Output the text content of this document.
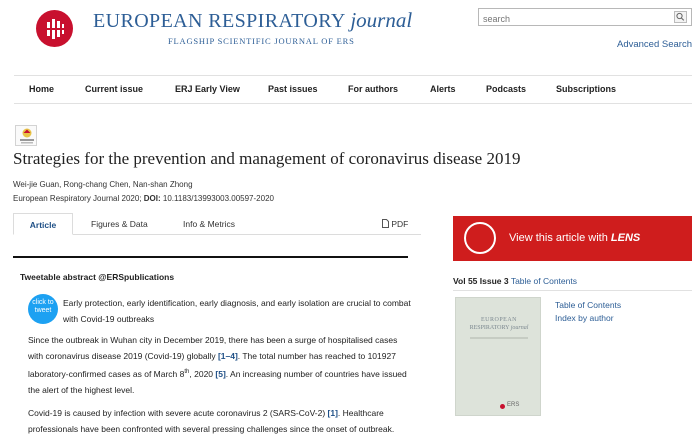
EUROPEAN RESPIRATORY journal
FLAGSHIP SCIENTIFIC JOURNAL OF ERS
search	Advanced Search
Home	Current issue	ERJ Early View	Past issues	For authors	Alerts	Podcasts	Subscriptions
Strategies for the prevention and management of coronavirus disease 2019
Wei-jie Guan, Rong-chang Chen, Nan-shan Zhong
European Respiratory Journal 2020; DOI: 10.1183/13993003.00597-2020
Article	Figures & Data	Info & Metrics	PDF
Tweetable abstract @ERSpublications
click to tweet
Early protection, early identification, early diagnosis, and early isolation are crucial to combat with Covid-19 outbreaks
Since the outbreak in Wuhan city in December 2019, there has been a surge of hospitalised cases with coronavirus disease 2019 (Covid-19) globally [1–4]. The total number has reached to 101927 laboratory-confirmed cases as of March 8th, 2020 [5]. An increasing number of countries have issued the alert of the highest level.
Covid-19 is caused by infection with severe acute coronavirus 2 (SARS-CoV-2) [1]. Healthcare professionals have been confronted with several pressing challenges since the onset of outbreak.
View this article with LENS
Vol 55 Issue 3 Table of Contents
EUROPEAN
RESPIRATORY journal
ERS
Table of Contents
Index by author
